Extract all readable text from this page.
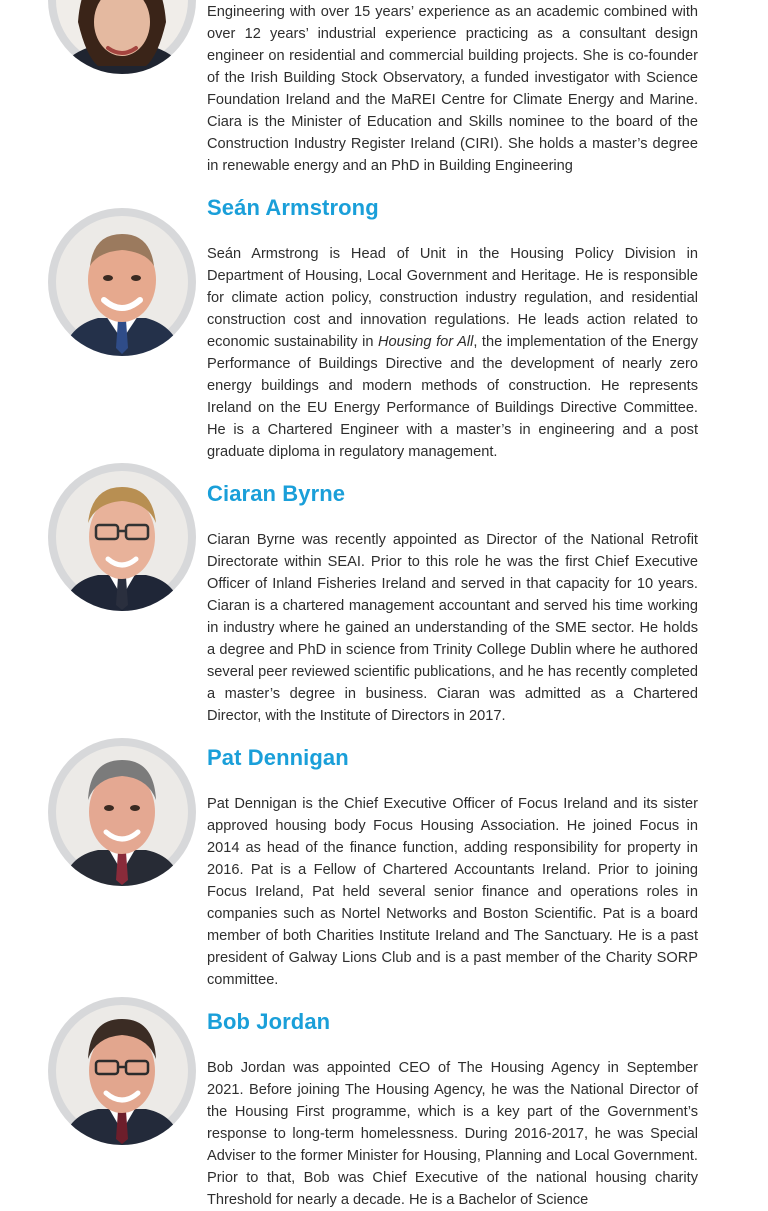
Engineering with over 15 years’ experience as an academic combined with over 12 years’ industrial experience practicing as a consultant design engineer on residential and commercial building projects. She is co-founder of the Irish Building Stock Observatory, a funded investigator with Science Foundation Ireland and the MaREI Centre for Climate Energy and Marine. Ciara is the Minister of Education and Skills nominee to the board of the Construction Industry Register Ireland (CIRI). She holds a master’s degree in renewable energy and an PhD in Building Engineering

Seán Armstrong

Seán Armstrong is Head of Unit in the Housing Policy Division in Department of Housing, Local Government and Heritage. He is responsible for climate action policy, construction industry regulation, and residential construction cost and innovation regulations. He leads action related to economic sustainability in Housing for All, the implementation of the Energy Performance of Buildings Directive and the development of nearly zero energy buildings and modern methods of construction. He represents Ireland on the EU Energy Performance of Buildings Directive Committee. He is a Chartered Engineer with a master’s in engineering and a post graduate diploma in regulatory management.

Ciaran Byrne

Ciaran Byrne was recently appointed as Director of the National Retrofit Directorate within SEAI. Prior to this role he was the first Chief Executive Officer of Inland Fisheries Ireland and served in that capacity for 10 years. Ciaran is a chartered management accountant and served his time working in industry where he gained an understanding of the SME sector. He holds a degree and PhD in science from Trinity College Dublin where he authored several peer reviewed scientific publications, and he has recently completed a master’s degree in business. Ciaran was admitted as a Chartered Director, with the Institute of Directors in 2017.

Pat Dennigan

Pat Dennigan is the Chief Executive Officer of Focus Ireland and its sister approved housing body Focus Housing Association. He joined Focus in 2014 as head of the finance function, adding responsibility for property in 2016. Pat is a Fellow of Chartered Accountants Ireland. Prior to joining Focus Ireland, Pat held several senior finance and operations roles in companies such as Nortel Networks and Boston Scientific. Pat is a board member of both Charities Institute Ireland and The Sanctuary. He is a past president of Galway Lions Club and is a past member of the Charity SORP committee.

Bob Jordan

Bob Jordan was appointed CEO of The Housing Agency in September 2021. Before joining The Housing Agency, he was the National Director of the Housing First programme, which is a key part of the Government’s response to long-term homelessness. During 2016-2017, he was Special Adviser to the former Minister for Housing, Planning and Local Government. Prior to that, Bob was Chief Executive of the national housing charity Threshold for nearly a decade. He is a Bachelor of Science
